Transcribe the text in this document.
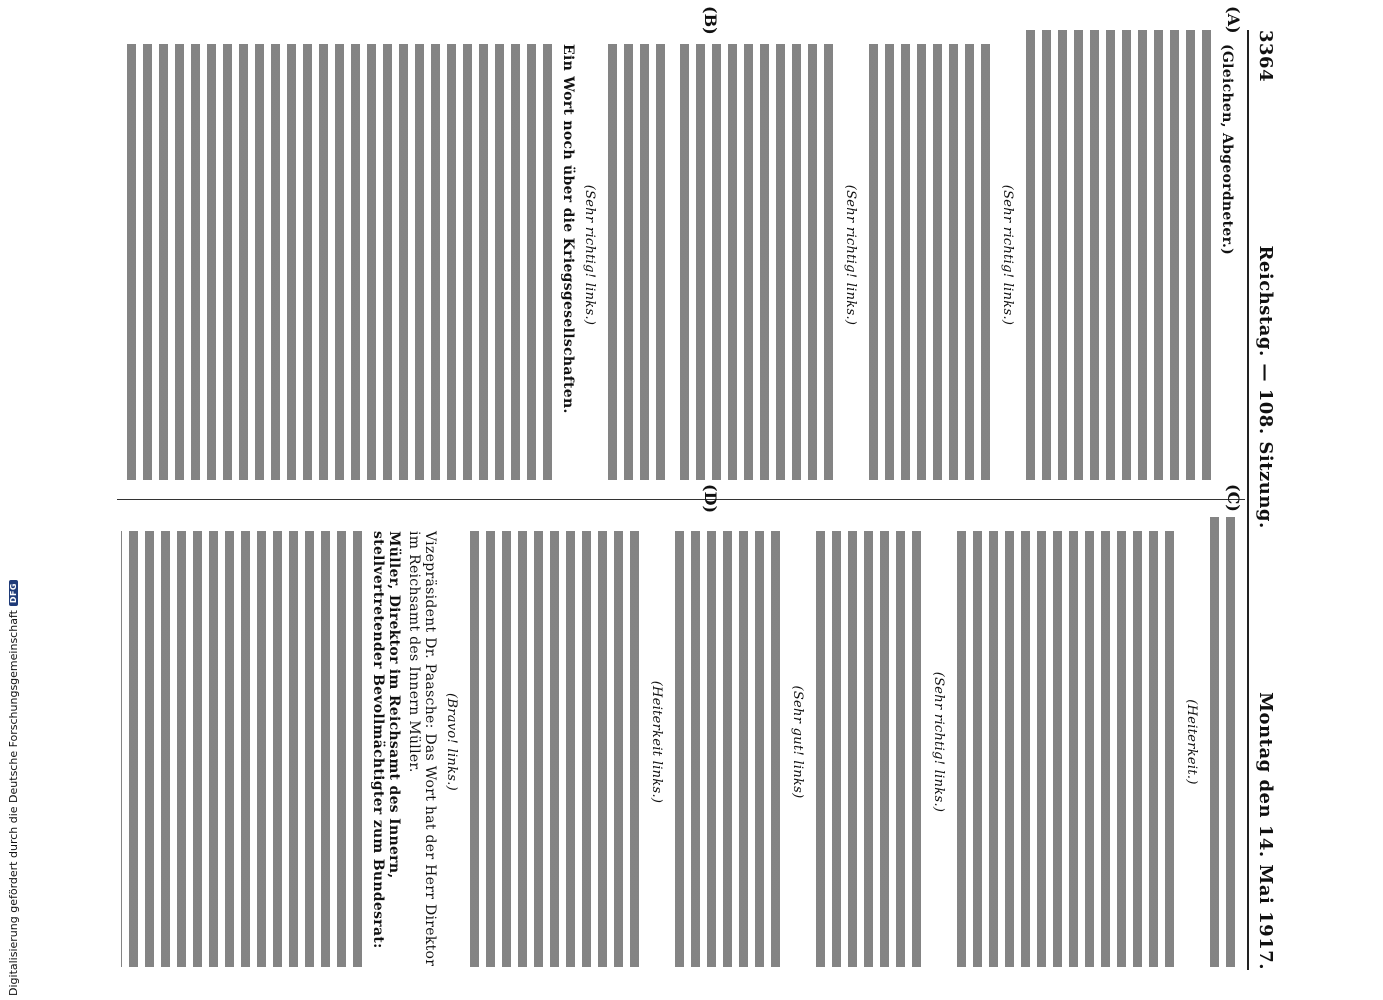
3364
Reichstag. — 108. Sitzung.
Montag den 14. Mai 1917.
(A)
(B)
(C)
(D)
(Gleichen, Abgeordneter.)
(Sehr richtig! links.)
(Sehr richtig! links.)
(Sehr richtig! links.)
Ein Wort noch über die Kriegsgesellschaften.
(Heiterkeit.)
(Sehr richtig! links.)
(Sehr gut! links)
(Heiterkeit links.)
(Bravo! links.)
Vizepräsident Dr. Paasche: Das Wort hat der Herr Direktor im Reichsamt des Innern Müller.
Müller, Direktor im Reichsamt des Innern, stellvertretender Bevollmächtigter zum Bundesrat:
Digitalisierung gefördert durch die Deutsche Forschungsgemeinschaft
DFG
